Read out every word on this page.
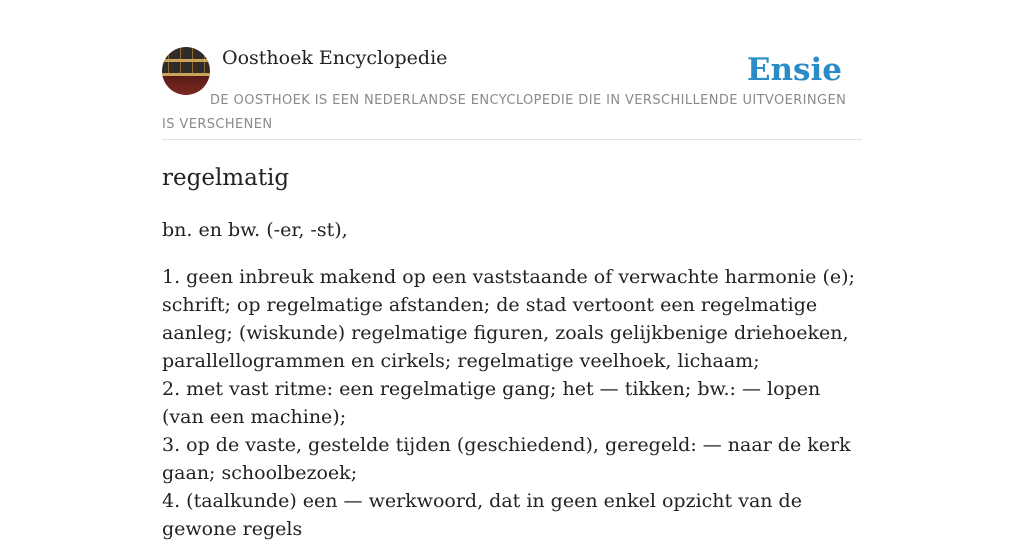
Oosthoek Encyclopedie	Ensie
DE OOSTHOEK IS EEN NEDERLANDSE ENCYCLOPEDIE DIE IN VERSCHILLENDE UITVOERINGEN IS VERSCHENEN
regelmatig

bn. en bw. (-er, -st),

1. geen inbreuk makend op een vaststaande of verwachte harmonie (e); schrift; op regelmatige afstanden; de stad vertoont een regelmatige aanleg; (wiskunde) regelmatige figuren, zoals gelijkbenige driehoeken, parallellogrammen en cirkels; regelmatige veelhoek, lichaam;
2. met vast ritme: een regelmatige gang; het — tikken; bw.: — lopen (van een machine);
3. op de vaste, gestelde tijden (geschiedend), geregeld: — naar de kerk gaan; schoolbezoek;
4. (taalkunde) een — werkwoord, dat in geen enkel opzicht van de gewone regels
